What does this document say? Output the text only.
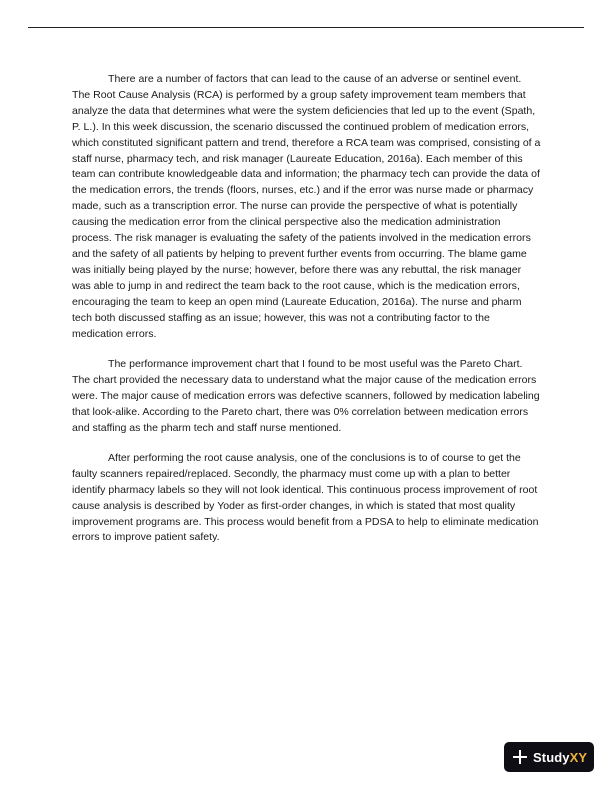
There are a number of factors that can lead to the cause of an adverse or sentinel event. The Root Cause Analysis (RCA) is performed by a group safety improvement team members that analyze the data that determines what were the system deficiencies that led up to the event (Spath, P. L.). In this week discussion, the scenario discussed the continued problem of medication errors, which constituted significant pattern and trend, therefore a RCA team was comprised, consisting of a staff nurse, pharmacy tech, and risk manager (Laureate Education, 2016a). Each member of this team can contribute knowledgeable data and information; the pharmacy tech can provide the data of the medication errors, the trends (floors, nurses, etc.) and if the error was nurse made or pharmacy made, such as a transcription error. The nurse can provide the perspective of what is potentially causing the medication error from the clinical perspective also the medication administration process. The risk manager is evaluating the safety of the patients involved in the medication errors and the safety of all patients by helping to prevent further events from occurring. The blame game was initially being played by the nurse; however, before there was any rebuttal, the risk manager was able to jump in and redirect the team back to the root cause, which is the medication errors, encouraging the team to keep an open mind (Laureate Education, 2016a). The nurse and pharm tech both discussed staffing as an issue; however, this was not a contributing factor to the medication errors.

The performance improvement chart that I found to be most useful was the Pareto Chart. The chart provided the necessary data to understand what the major cause of the medication errors were. The major cause of medication errors was defective scanners, followed by medication labeling that look-alike. According to the Pareto chart, there was 0% correlation between medication errors and staffing as the pharm tech and staff nurse mentioned.

After performing the root cause analysis, one of the conclusions is to of course to get the faulty scanners repaired/replaced. Secondly, the pharmacy must come up with a plan to better identify pharmacy labels so they will not look identical. This continuous process improvement of root cause analysis is described by Yoder as first-order changes, in which is stated that most quality improvement programs are. This process would benefit from a PDSA to help to eliminate medication errors to improve patient safety.

StudyXY
